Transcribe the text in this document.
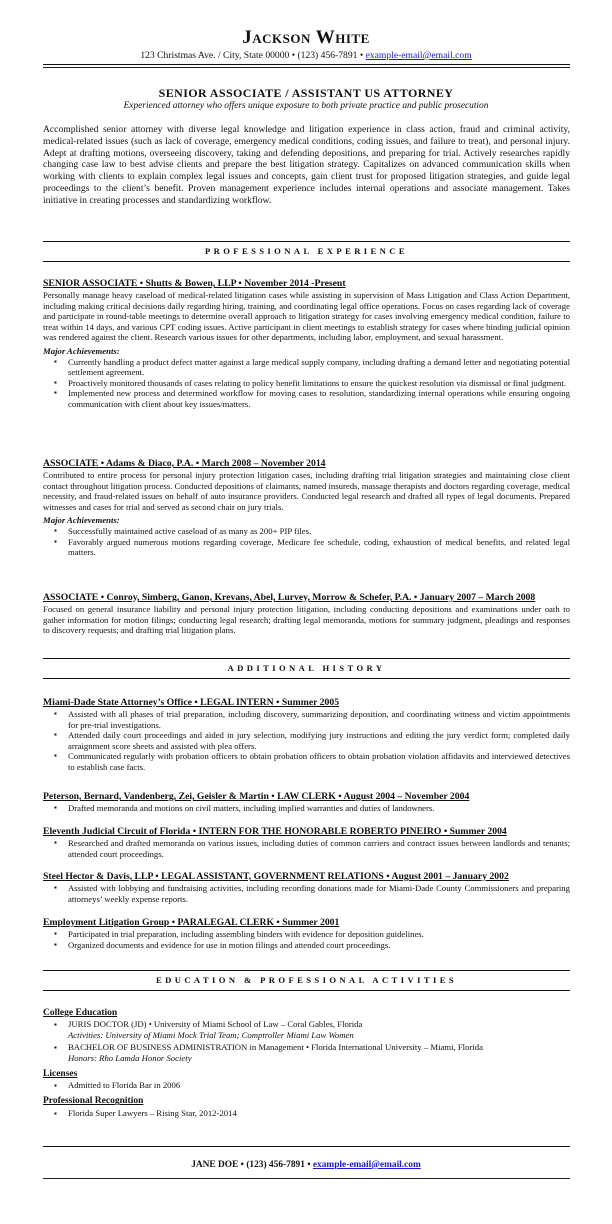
Jackson White
123 Christmas Ave. / City, State 00000 • (123) 456-7891 • example-email@email.com
SENIOR ASSOCIATE / ASSISTANT US ATTORNEY
Experienced attorney who offers unique exposure to both private practice and public prosecution
Accomplished senior attorney with diverse legal knowledge and litigation experience in class action, fraud and criminal activity, medical-related issues (such as lack of coverage, emergency medical conditions, coding issues, and failure to treat), and personal injury. Adept at drafting motions, overseeing discovery, taking and defending depositions, and preparing for trial. Actively researches rapidly changing case law to best advise clients and prepare the best litigation strategy. Capitalizes on advanced communication skills when working with clients to explain complex legal issues and concepts, gain client trust for proposed litigation strategies, and guide legal proceedings to the client’s benefit. Proven management experience includes internal operations and associate management. Takes initiative in creating processes and standardizing workflow.
PROFESSIONAL EXPERIENCE
SENIOR ASSOCIATE • Shutts & Bowen, LLP • November 2014 -Present
Personally manage heavy caseload of medical-related litigation cases while assisting in supervision of Mass Litigation and Class Action Department, including making critical decisions daily regarding hiring, training, and coordinating legal office operations. Focus on cases regarding lack of coverage and participate in round-table meetings to determine overall approach to litigation strategy for cases involving emergency medical condition, failure to treat within 14 days, and various CPT coding issues. Active participant in client meetings to establish strategy for cases where binding judicial opinion was rendered against the client. Research various issues for other departments, including labor, employment, and sexual harassment.
Major Achievements:
▪ Currently handling a product defect matter against a large medical supply company, including drafting a demand letter and negotiating potential settlement agreement.
▪ Proactively monitored thousands of cases relating to policy benefit limitations to ensure the quickest resolution via dismissal or final judgment.
▪ Implemented new process and determined workflow for moving cases to resolution, standardizing internal operations while ensuring ongoing communication with client about key issues/matters.
ASSOCIATE • Adams & Diaco, P.A. • March 2008 – November 2014
Contributed to entire process for personal injury protection litigation cases, including drafting trial litigation strategies and maintaining close client contact throughout litigation process. Conducted depositions of claimants, named insureds, massage therapists and doctors regarding coverage, medical necessity, and fraud-related issues on behalf of auto insurance providers. Conducted legal research and drafted all types of legal documents. Prepared witnesses and cases for trial and served as second chair on jury trials.
Major Achievements:
▪ Successfully maintained active caseload of as many as 200+ PIP files.
▪ Favorably argued numerous motions regarding coverage, Medicare fee schedule, coding, exhaustion of medical benefits, and related legal matters.
ASSOCIATE • Conroy, Simberg, Ganon, Krevans, Abel, Lurvey, Morrow & Schefer, P.A. • January 2007 – March 2008
Focused on general insurance liability and personal injury protection litigation, including conducting depositions and examinations under oath to gather information for motion filings; conducting legal research; drafting legal memoranda, motions for summary judgment, pleadings and responses to discovery requests; and drafting trial litigation plans.
ADDITIONAL HISTORY
Miami-Dade State Attorney’s Office • LEGAL INTERN • Summer 2005
▪ Assisted with all phases of trial preparation, including discovery, summarizing deposition, and coordinating witness and victim appointments for pre-trial investigations.
▪ Attended daily court proceedings and aided in jury selection, modifying jury instructions and editing the jury verdict form; completed daily arraignment score sheets and assisted with plea offers.
▪ Communicated regularly with probation officers to obtain probation officers to obtain probation violation affidavits and interviewed detectives to establish case facts.
Peterson, Bernard, Vandenberg, Zei, Geisler & Martin • LAW CLERK • August 2004 – November 2004
▪ Drafted memoranda and motions on civil matters, including implied warranties and duties of landowners.
Eleventh Judicial Circuit of Florida • INTERN FOR THE HONORABLE ROBERTO PINEIRO • Summer 2004
▪ Researched and drafted memoranda on various issues, including duties of common carriers and contract issues between landlords and tenants; attended court proceedings.
Steel Hector & Davis, LLP • LEGAL ASSISTANT, GOVERNMENT RELATIONS • August 2001 – January 2002
▪ Assisted with lobbying and fundraising activities, including recording donations made for Miami-Dade County Commissioners and preparing attorneys’ weekly expense reports.
Employment Litigation Group • PARALEGAL CLERK • Summer 2001
▪ Participated in trial preparation, including assembling binders with evidence for deposition guidelines.
▪ Organized documents and evidence for use in motion filings and attended court proceedings.
EDUCATION & PROFESSIONAL ACTIVITIES
College Education
▪ JURIS DOCTOR (JD) • University of Miami School of Law – Coral Gables, Florida
Activities: University of Miami Mock Trial Team; Comptroller Miami Law Women
▪ BACHELOR OF BUSINESS ADMINISTRATION in Management • Florida International University – Miami, Florida
Honors: Rho Lamda Honor Society
Licenses
▪ Admitted to Florida Bar in 2006
Professional Recognition
▪ Florida Super Lawyers – Rising Star, 2012-2014
JANE DOE • (123) 456-7891 • example-email@email.com
